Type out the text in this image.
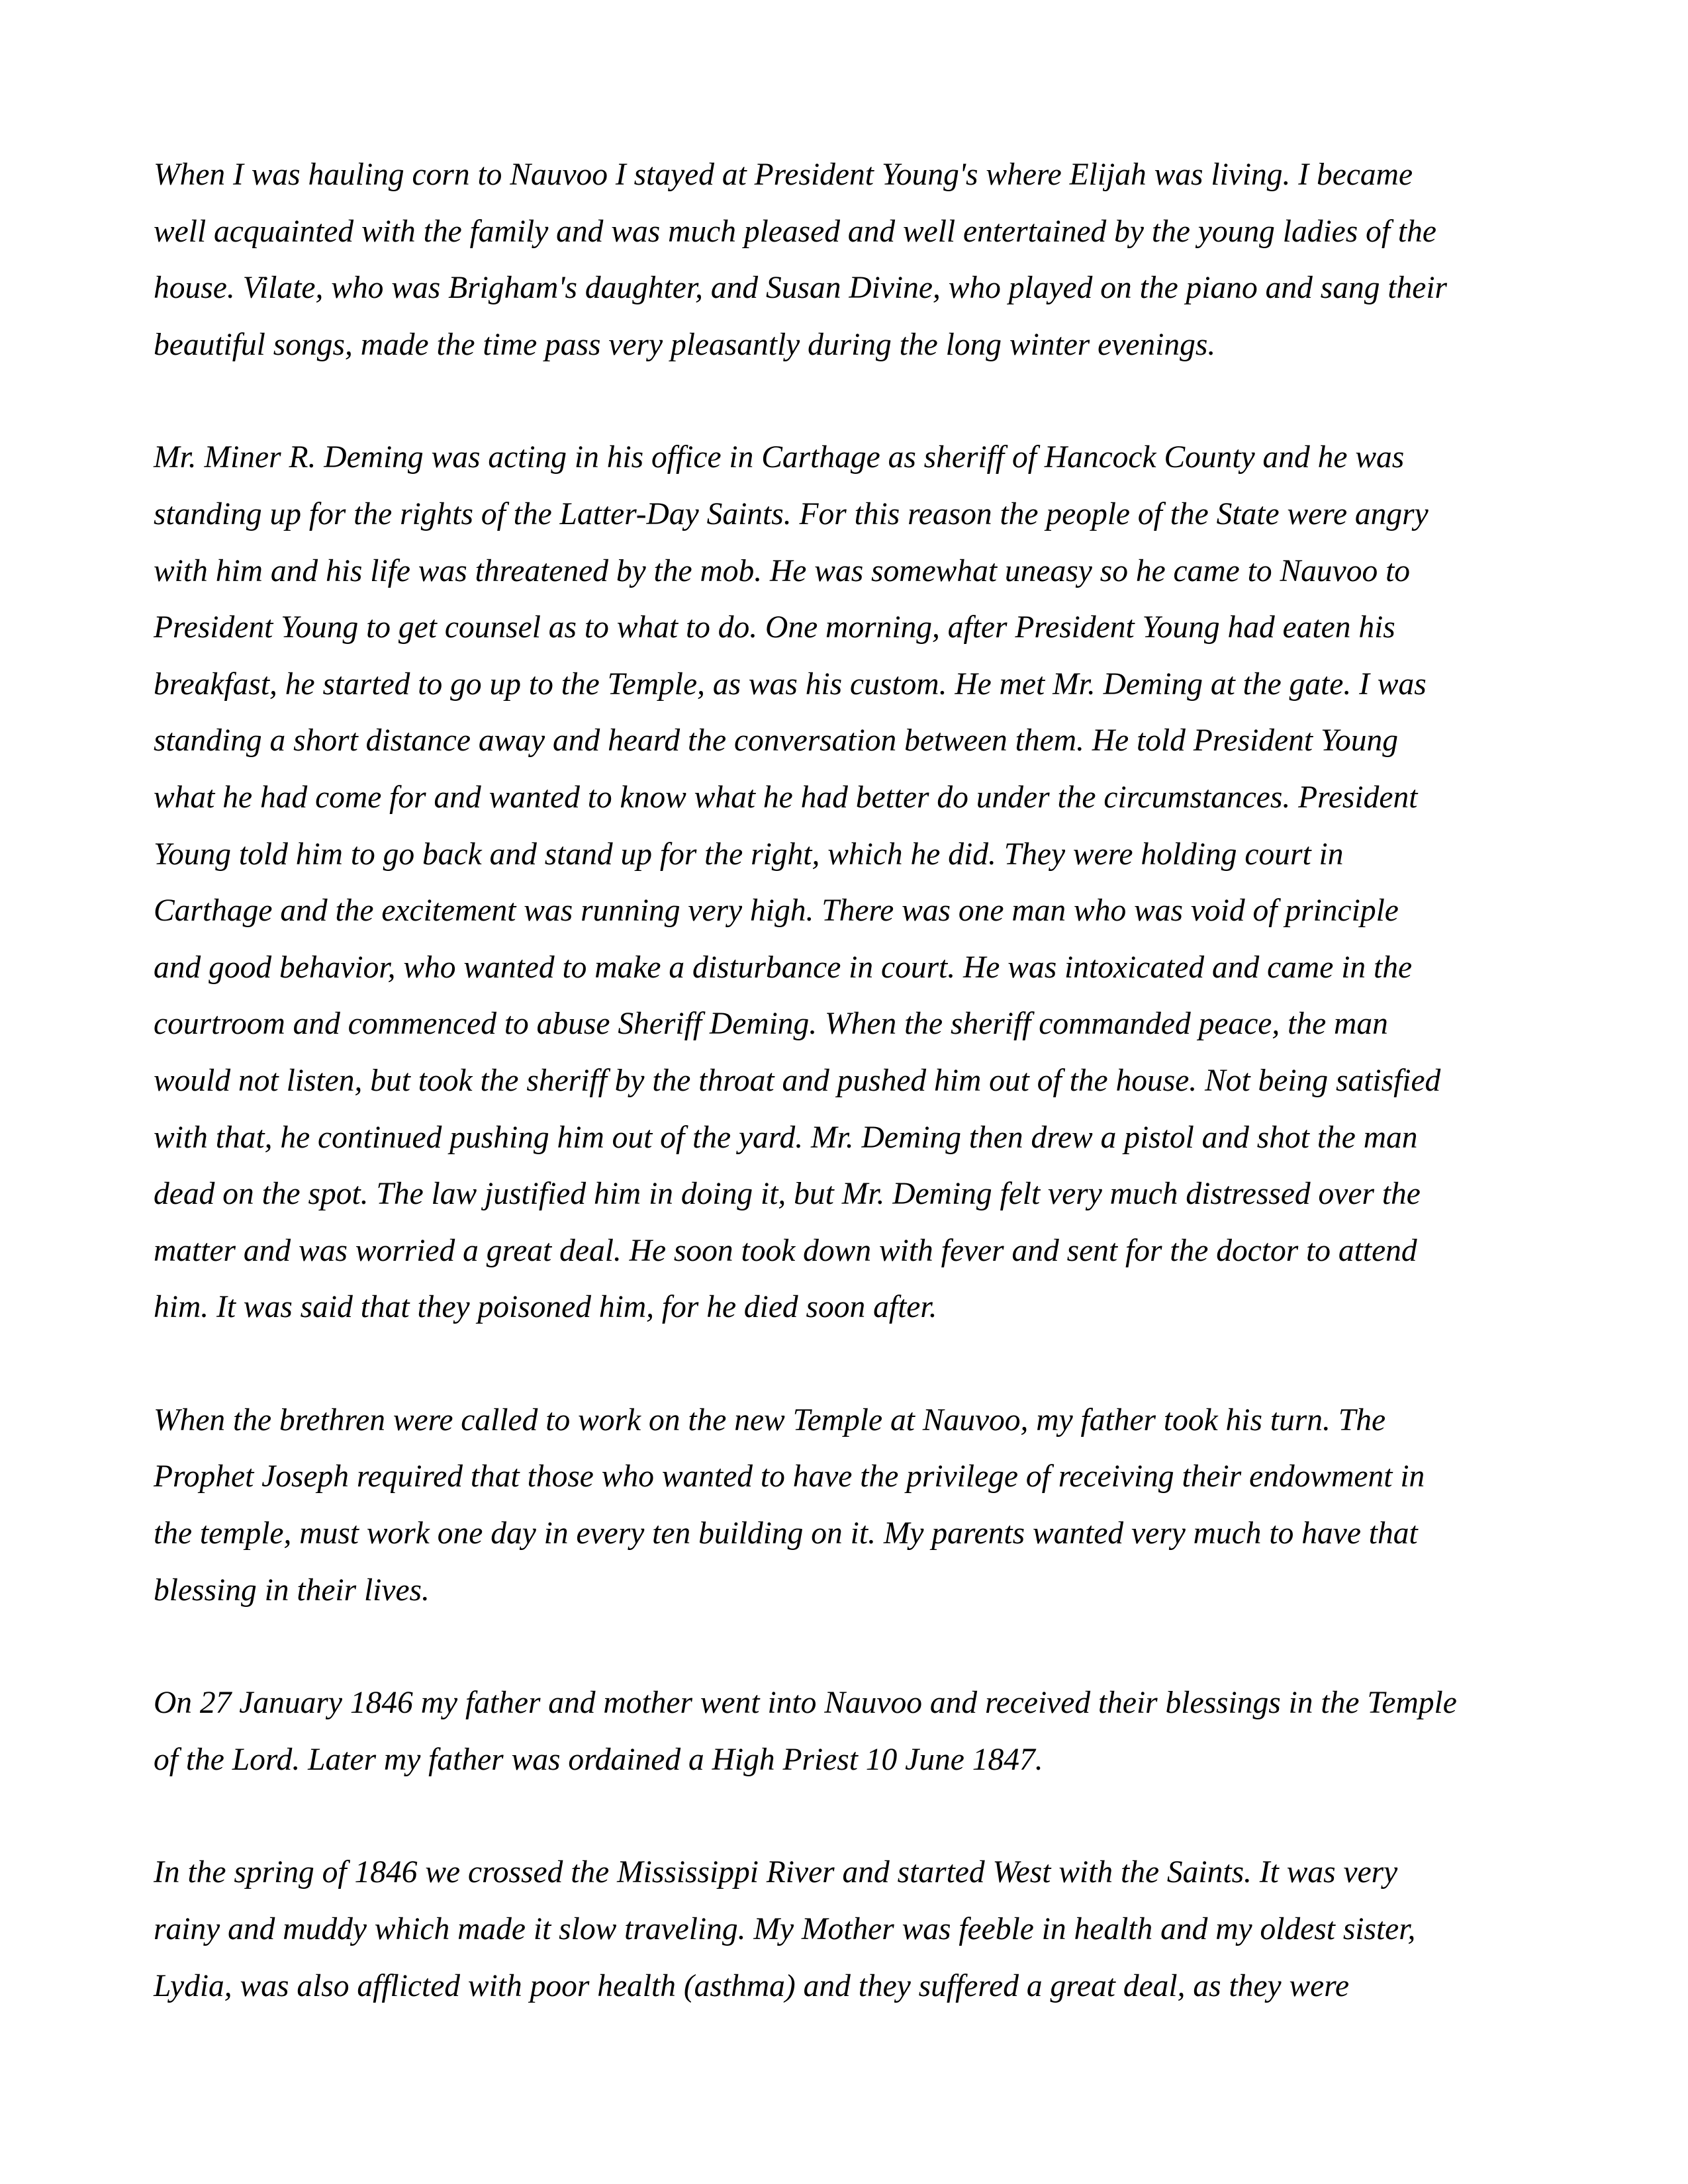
When I was hauling corn to Nauvoo I stayed at President Young's where Elijah was living. I became
well acquainted with the family and was much pleased and well entertained by the young ladies of the
house. Vilate, who was Brigham's daughter, and Susan Divine, who played on the piano and sang their
beautiful songs, made the time pass very pleasantly during the long winter evenings.

Mr. Miner R. Deming was acting in his office in Carthage as sheriff of Hancock County and he was
standing up for the rights of the Latter-Day Saints. For this reason the people of the State were angry
with him and his life was threatened by the mob. He was somewhat uneasy so he came to Nauvoo to
President Young to get counsel as to what to do. One morning, after President Young had eaten his
breakfast, he started to go up to the Temple, as was his custom. He met Mr. Deming at the gate. I was
standing a short distance away and heard the conversation between them. He told President Young
what he had come for and wanted to know what he had better do under the circumstances. President
Young told him to go back and stand up for the right, which he did. They were holding court in
Carthage and the excitement was running very high. There was one man who was void of principle
and good behavior, who wanted to make a disturbance in court. He was intoxicated and came in the
courtroom and commenced to abuse Sheriff Deming. When the sheriff commanded peace, the man
would not listen, but took the sheriff by the throat and pushed him out of the house. Not being satisfied
with that, he continued pushing him out of the yard. Mr. Deming then drew a pistol and shot the man
dead on the spot. The law justified him in doing it, but Mr. Deming felt very much distressed over the
matter and was worried a great deal. He soon took down with fever and sent for the doctor to attend
him. It was said that they poisoned him, for he died soon after.

When the brethren were called to work on the new Temple at Nauvoo, my father took his turn. The
Prophet Joseph required that those who wanted to have the privilege of receiving their endowment in
the temple, must work one day in every ten building on it. My parents wanted very much to have that
blessing in their lives.

On 27 January 1846 my father and mother went into Nauvoo and received their blessings in the Temple
of the Lord. Later my father was ordained a High Priest 10 June 1847.

In the spring of 1846 we crossed the Mississippi River and started West with the Saints. It was very
rainy and muddy which made it slow traveling. My Mother was feeble in health and my oldest sister,
Lydia, was also afflicted with poor health (asthma) and they suffered a great deal, as they were
